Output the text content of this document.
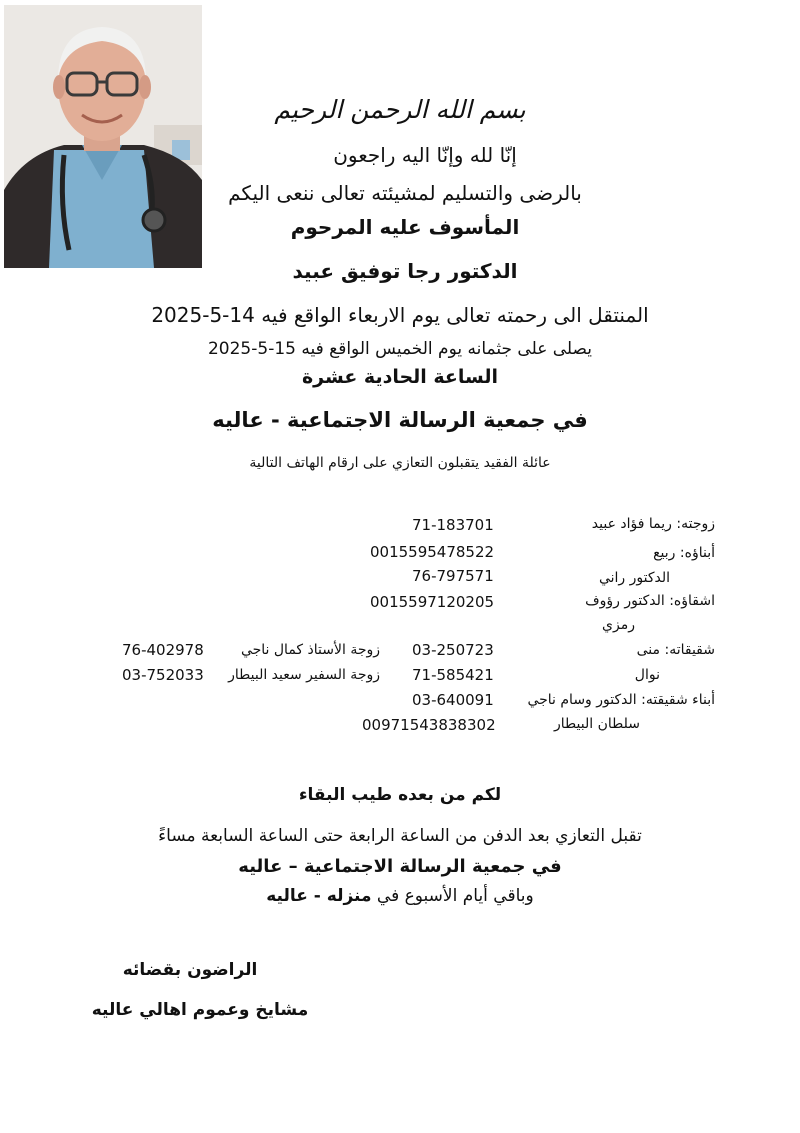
بسم الله الرحمن الرحيم
إنّا لله وإنّا اليه راجعون
بالرضى والتسليم لمشيئته تعالى ننعى اليكم
المأسوف عليه المرحوم
الدكتور رجا توفيق عبيد
المنتقل الى رحمته تعالى يوم الاربعاء الواقع فيه 14-5-2025
يصلى على جثمانه يوم الخميس الواقع فيه 15-5-2025
الساعة الحادية عشرة
في جمعية الرسالة الاجتماعية - عاليه
عائلة الفقيد يتقبلون التعازي على ارقام الهاتف التالية
زوجته: ريما فؤاد عبيد
71-183701
أبناؤه: ربيع
0015595478522
الدكتور راني
76-797571
اشقاؤه: الدكتور رؤوف
0015597120205
رمزي
شقيقاته: منى
03-250723
زوجة الأستاذ كمال ناجي
76-402978
نوال
71-585421
زوجة السفير سعيد البيطار
03-752033
أبناء شقيقته: الدكتور وسام ناجي
03-640091
سلطان البيطار
00971543838302
لكم من بعده طيب البقاء
تقبل التعازي بعد الدفن من الساعة الرابعة حتى الساعة السابعة مساءً
في جمعية الرسالة الاجتماعية – عاليه
وباقي أيام الأسبوع في منزله - عاليه
الراضون بقضائه
مشايخ وعموم اهالي عاليه
